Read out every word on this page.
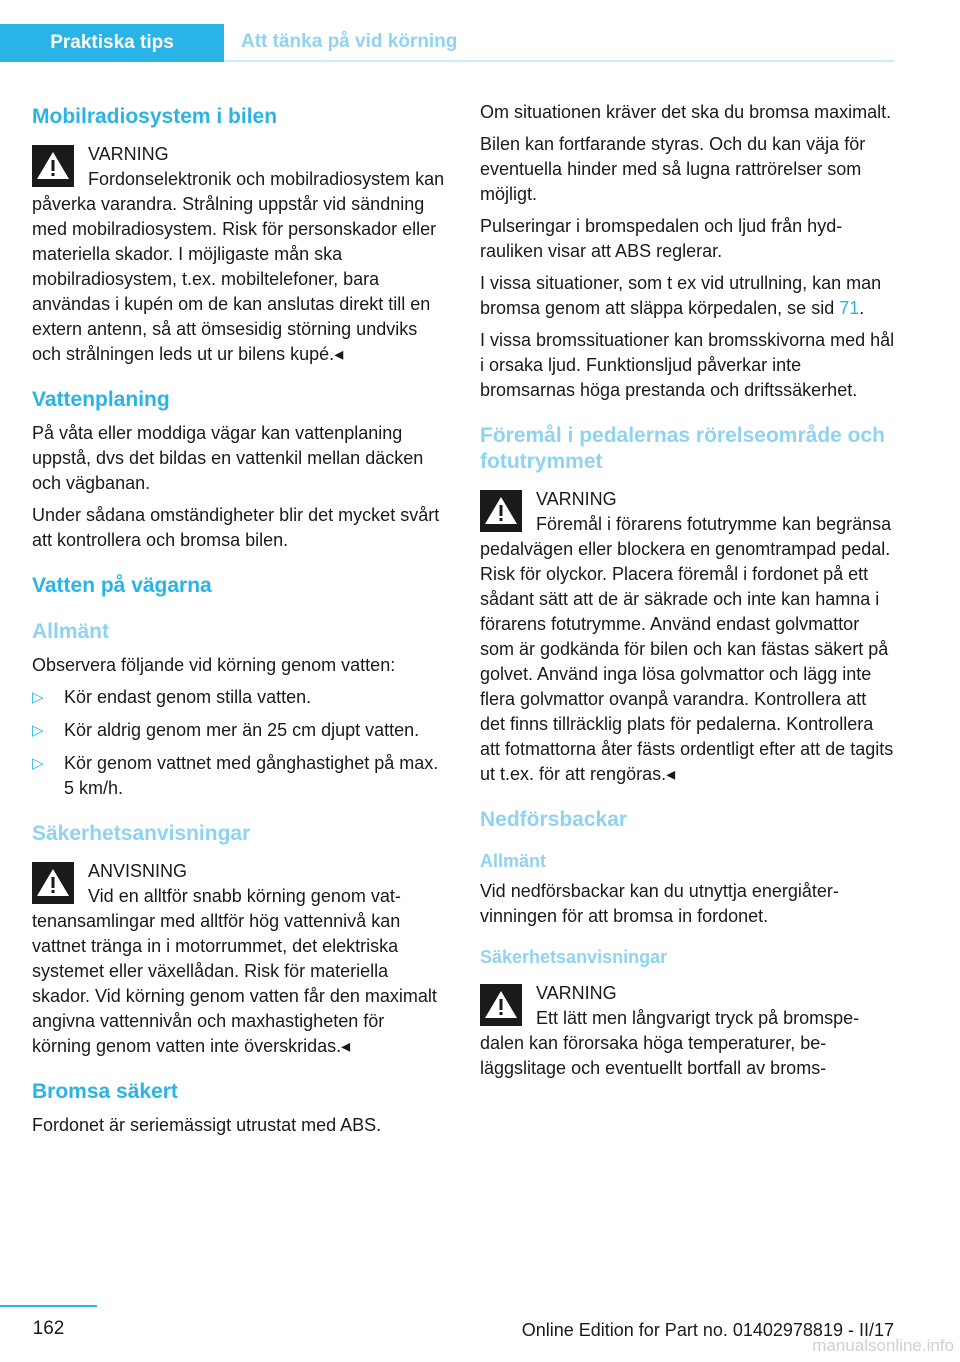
Praktiska tips	Att tänka på vid körning
Mobilradiosystem i bilen
VARNING
Fordonselektronik och mobilradiosystem kan påverka varandra. Strålning uppstår vid sändning med mobilradiosystem. Risk för personskador eller materiella skador. I möjligaste mån ska mobilradiosystem, t.ex. mobiltelefoner, bara användas i kupén om de kan anslutas direkt till en extern antenn, så att ömsesidig störning undviks och strålningen leds ut ur bilens kupé.◂
Vattenplaning

På våta eller moddiga vägar kan vattenplaning uppstå, dvs det bildas en vattenkil mellan däcken och vägbanan.

Under sådana omständigheter blir det mycket svårt att kontrollera och bromsa bilen.

Vatten på vägarna
Allmänt

Observera följande vid körning genom vatten:

▷ Kör endast genom stilla vatten.
▷ Kör aldrig genom mer än 25 cm djupt vatten.
▷ Kör genom vattnet med gånghastighet på max. 5 km/h.
Säkerhetsanvisningar
ANVISNING
Vid en alltför snabb körning genom vattenansamlingar med alltför hög vattennivå kan vattnet tränga in i motorrummet, det elektriska systemet eller växellådan. Risk för materiella skador. Vid körning genom vatten får den maximalt angivna vattennivån och maxhastigheten för körning genom vatten inte överskridas.◂
Bromsa säkert

Fordonet är seriemässigt utrustat med ABS.

Om situationen kräver det ska du bromsa maximalt.

Bilen kan fortfarande styras. Och du kan väja för eventuella hinder med så lugna rattrörelser som möjligt.

Pulseringar i bromspedalen och ljud från hydrauliken visar att ABS reglerar.

I vissa situationer, som t ex vid utrullning, kan man bromsa genom att släppa körpedalen, se sid 71.

I vissa bromssituationer kan bromsskivorna med hål i orsaka ljud. Funktionsljud påverkar inte bromsarnas höga prestanda och driftssäkerhet.

Föremål i pedalernas rörelseområde och fotutrymmet
VARNING
Föremål i förarens fotutrymme kan begränsa pedalvägen eller blockera en genomtrampad pedal. Risk för olyckor. Placera föremål i fordonet på ett sådant sätt att de är säkrade och inte kan hamna i förarens fotutrymme. Använd endast golvmattor som är godkända för bilen och kan fästas säkert på golvet. Använd inga lösa golvmattor och lägg inte flera golvmattor ovanpå varandra. Kontrollera att det finns tillräcklig plats för pedalerna. Kontrollera att fotmattorna åter fästs ordentligt efter att de tagits ut t.ex. för att rengöras.◂
Nedförsbackar
Allmänt

Vid nedförsbackar kan du utnyttja energiåtervinningen för att bromsa in fordonet.

Säkerhetsanvisningar
VARNING
Ett lätt men långvarigt tryck på bromspedalen kan förorsaka höga temperaturer, beläggslitage och eventuellt bortfall av broms-
162	Online Edition for Part no. 01402978819 - II/17
manualsonline.info
